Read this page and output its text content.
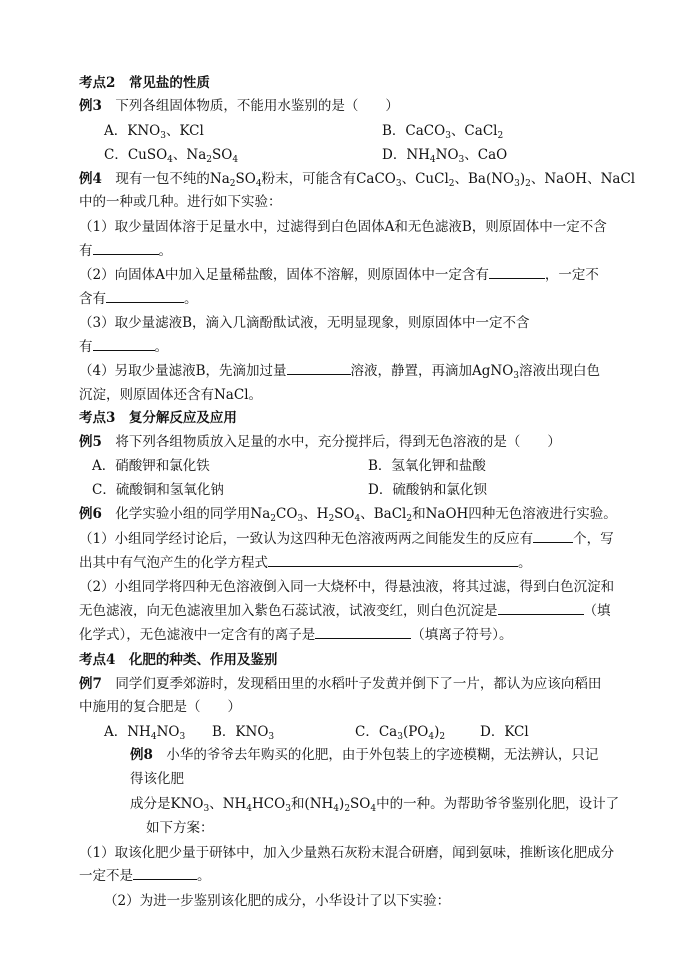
考点2　常见盐的性质
例3　 下列各组固体物质，不能用水鉴别的是（　　）
A．$KNO_3$、KCl	B．CaCO$_3$、CaCl$_2$
C．CuSO$_4$、$Na_2SO_4$	D．$NH_4NO_3$、CaO
例4　 现有一包不纯的$Na_2SO_4$粉末，可能含有CaCO$_3$、CuCl$_2$、$Ba(NO_3)_2$、NaOH、NaCl
中的一种或几种。进行如下实验：
（1）取少量固体溶于足量水中，过滤得到白色固体A和无色滤液B，则原固体中一定不含
有	。
（2）向固体A中加入足量稀盐酸，固体不溶解，则原固体中一定含有	，一定不
含有	。
（3）取少量滤液B，滴入几滴酚酞试液，无明显现象，则原固体中一定不含
有	。
（4）另取少量滤液B，先滴加过量	溶液，静置，再滴加AgNO$_3$溶液出现白色
沉淀，则原固体还含有NaCl。
考点3　复分解反应及应用
例5　 将下列各组物质放入足量的水中，充分搅拌后，得到无色溶液的是（　　）
A．硝酸钾和氯化铁	B．氢氧化钾和盐酸
C．硫酸铜和氢氧化钠	D．硫酸钠和氯化钡
例6　 化学实验小组的同学用$Na_2CO_3$、$H_2SO_4$、BaCl$_2$和NaOH四种无色溶液进行实验。
（1）小组同学经讨论后，一致认为这四种无色溶液两两之间能发生的反应有	个，写
出其中有气泡产生的化学方程式	。
（2）小组同学将四种无色溶液倒入同一大烧杯中，得悬浊液，将其过滤，得到白色沉淀和
无色滤液，向无色滤液里加入紫色石蕊试液，试液变红，则白色沉淀是	（填
化学式），无色滤液中一定含有的离子是	（填离子符号）。
考点4　化肥的种类、作用及鉴别
例7　 同学们夏季郊游时，发现稻田里的水稻叶子发黄并倒下了一片，都认为应该向稻田
中施用的复合肥是（　　）
A．$NH_4NO_3$ B．$KNO_3$	C．$Ca_3(PO_4)_2$	D．KCl
例8　 小华的爷爷去年购买的化肥，由于外包装上的字迹模糊，无法辨认，只记
得该化肥
成分是$KNO_3$、$NH_4HCO_3$和$(NH_4)_2SO_4$中的一种。为帮助爷爷鉴别化肥，设计了
如下方案：
（1）取该化肥少量于研钵中，加入少量熟石灰粉末混合研磨，闻到氨味，推断该化肥成分
一定不是	。
（2）为进一步鉴别该化肥的成分，小华设计了以下实验：
